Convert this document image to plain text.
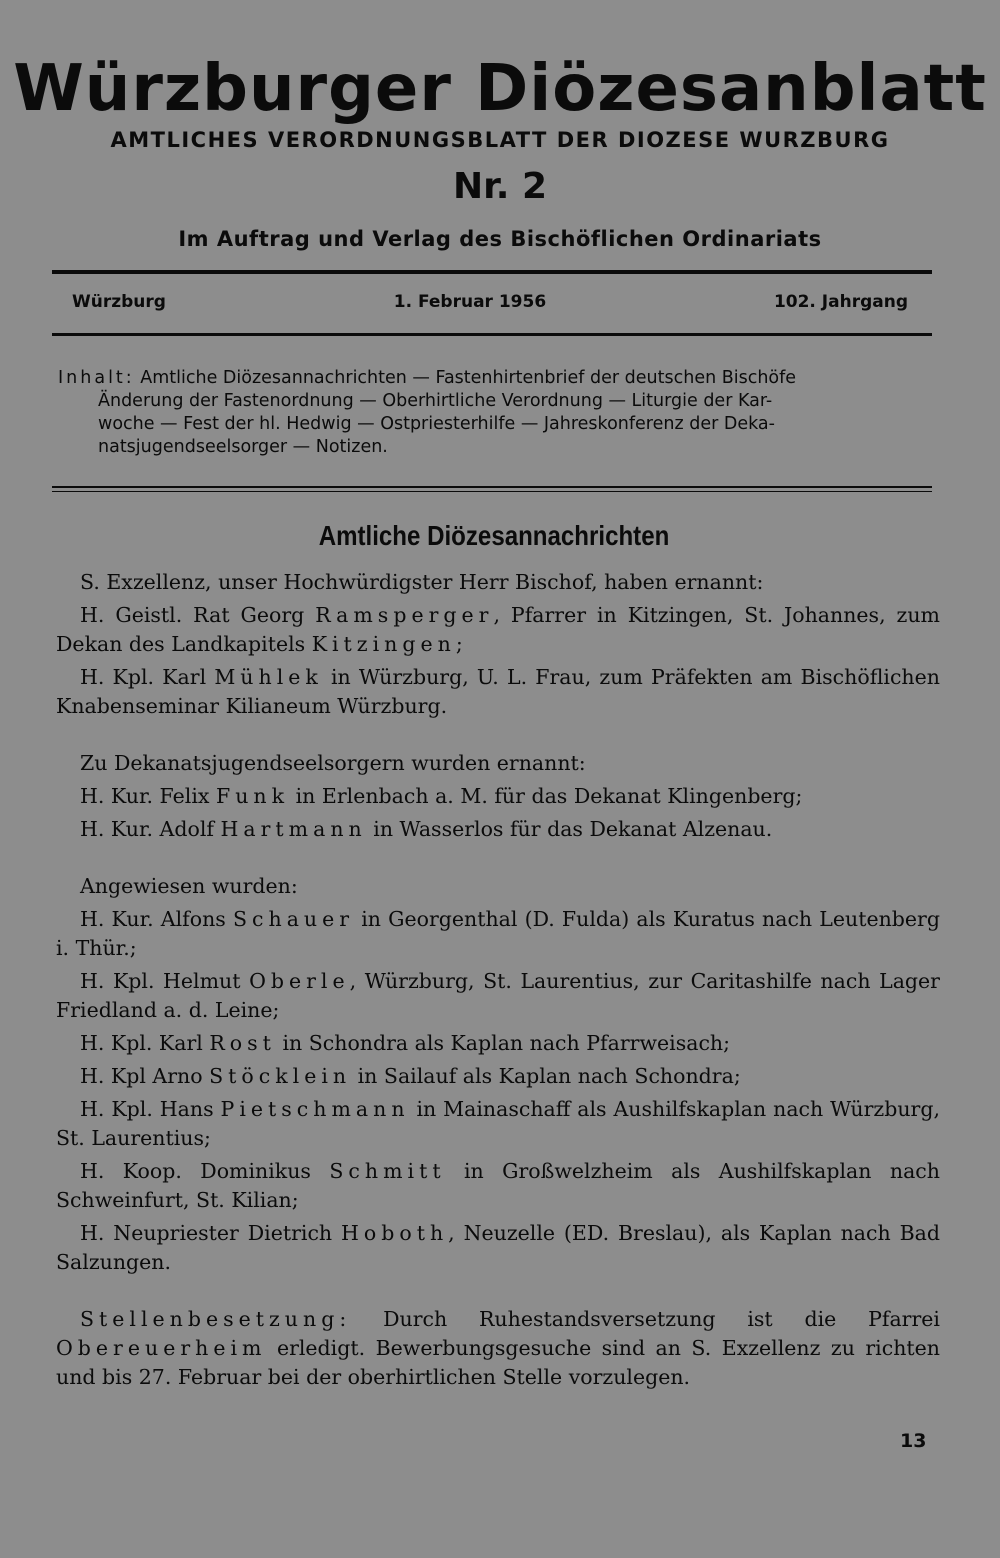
Würzburger Diözesanblatt
AMTLICHES VERORDNUNGSBLATT DER DIOZESE WURZBURG
Nr. 2
Im Auftrag und Verlag des Bischöflichen Ordinariats
Würzburg	1. Februar 1956	102. Jahrgang

Inhalt: Amtliche Diözesannachrichten — Fastenhirtenbrief der deutschen Bischöfe

Änderung der Fastenordnung — Oberhirtliche Verordnung — Liturgie der Kar-

woche — Fest der hl. Hedwig — Ostpriesterhilfe — Jahreskonferenz der Deka-

natsjugendseelsorger — Notizen.

Amtliche Diözesannachrichten

S. Exzellenz, unser Hochwürdigster Herr Bischof, haben ernannt:

H. Geistl. Rat Georg Ramsperger, Pfarrer in Kitzingen, St. Johannes, zum Dekan des Landkapitels Kitzingen;

H. Kpl. Karl Mühlek in Würzburg, U. L. Frau, zum Präfekten am Bischöflichen Knabenseminar Kilianeum Würzburg.

Zu Dekanatsjugendseelsorgern wurden ernannt:

H. Kur. Felix Funk in Erlenbach a. M. für das Dekanat Klingenberg;

H. Kur. Adolf Hartmann in Wasserlos für das Dekanat Alzenau.

Angewiesen wurden:

H. Kur. Alfons Schauer in Georgenthal (D. Fulda) als Kuratus nach Leutenberg i. Thür.;

H. Kpl. Helmut Oberle, Würzburg, St. Laurentius, zur Caritashilfe nach Lager Friedland a. d. Leine;

H. Kpl. Karl Rost in Schondra als Kaplan nach Pfarrweisach;

H. Kpl Arno Stöcklein in Sailauf als Kaplan nach Schondra;

H. Kpl. Hans Pietschmann in Mainaschaff als Aushilfskaplan nach Würzburg, St. Laurentius;

H. Koop. Dominikus Schmitt in Großwelzheim als Aushilfskaplan nach Schweinfurt, St. Kilian;

H. Neupriester Dietrich Hoboth, Neuzelle (ED. Breslau), als Kaplan nach Bad Salzungen.

Stellenbesetzung: Durch Ruhestandsversetzung ist die Pfarrei Obereuerheim erledigt. Bewerbungsgesuche sind an S. Exzellenz zu richten und bis 27. Februar bei der oberhirtlichen Stelle vorzulegen.

13
